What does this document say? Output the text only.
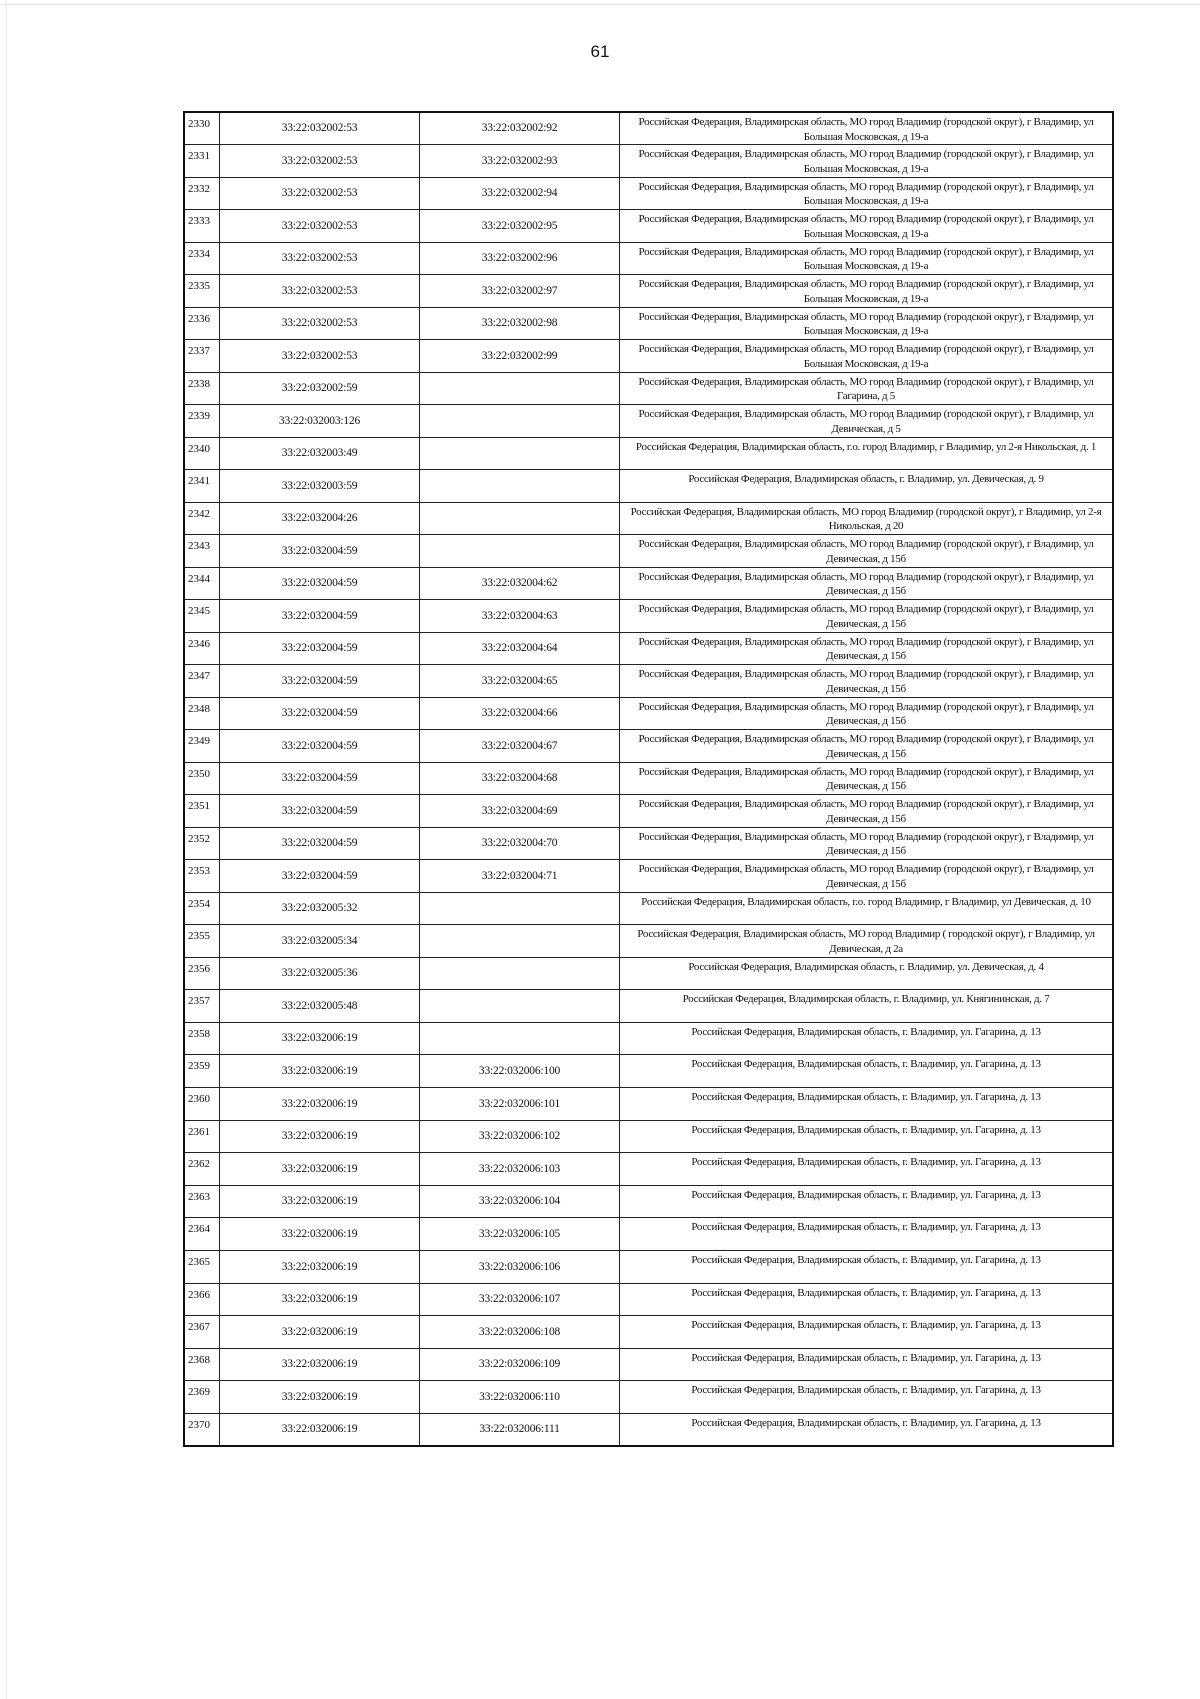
61
2330	33:22:032002:53	33:22:032002:92	Российская Федерация, Владимирская область, МО город Владимир (городской округ), г Владимир, ул Большая Московская, д 19-а
2331	33:22:032002:53	33:22:032002:93	Российская Федерация, Владимирская область, МО город Владимир (городской округ), г Владимир, ул Большая Московская, д 19-а
2332	33:22:032002:53	33:22:032002:94	Российская Федерация, Владимирская область, МО город Владимир (городской округ), г Владимир, ул Большая Московская, д 19-а
2333	33:22:032002:53	33:22:032002:95	Российская Федерация, Владимирская область, МО город Владимир (городской округ), г Владимир, ул Большая Московская, д 19-а
2334	33:22:032002:53	33:22:032002:96	Российская Федерация, Владимирская область, МО город Владимир (городской округ), г Владимир, ул Большая Московская, д 19-а
2335	33:22:032002:53	33:22:032002:97	Российская Федерация, Владимирская область, МО город Владимир (городской округ), г Владимир, ул Большая Московская, д 19-а
2336	33:22:032002:53	33:22:032002:98	Российская Федерация, Владимирская область, МО город Владимир (городской округ), г Владимир, ул Большая Московская, д 19-а
2337	33:22:032002:53	33:22:032002:99	Российская Федерация, Владимирская область, МО город Владимир (городской округ), г Владимир, ул Большая Московская, д 19-а
2338	33:22:032002:59		Российская Федерация, Владимирская область, МО город Владимир (городской округ), г Владимир, ул Гагарина, д 5
2339	33:22:032003:126		Российская Федерация, Владимирская область, МО город Владимир (городской округ), г Владимир, ул Девическая, д 5
2340	33:22:032003:49		Российская Федерация, Владимирская область, г.о. город Владимир, г Владимир, ул 2-я Никольская, д. 1
2341	33:22:032003:59		Российская Федерация, Владимирская область, г. Владимир, ул. Девическая, д. 9
2342	33:22:032004:26		Российская Федерация, Владимирская область, МО город Владимир (городской округ), г Владимир, ул 2-я Никольская, д 20
2343	33:22:032004:59		Российская Федерация, Владимирская область, МО город Владимир (городской округ), г Владимир, ул Девическая, д 15б
2344	33:22:032004:59	33:22:032004:62	Российская Федерация, Владимирская область, МО город Владимир (городской округ), г Владимир, ул Девическая, д 15б
2345	33:22:032004:59	33:22:032004:63	Российская Федерация, Владимирская область, МО город Владимир (городской округ), г Владимир, ул Девическая, д 15б
2346	33:22:032004:59	33:22:032004:64	Российская Федерация, Владимирская область, МО город Владимир (городской округ), г Владимир, ул Девическая, д 15б
2347	33:22:032004:59	33:22:032004:65	Российская Федерация, Владимирская область, МО город Владимир (городской округ), г Владимир, ул Девическая, д 15б
2348	33:22:032004:59	33:22:032004:66	Российская Федерация, Владимирская область, МО город Владимир (городской округ), г Владимир, ул Девическая, д 15б
2349	33:22:032004:59	33:22:032004:67	Российская Федерация, Владимирская область, МО город Владимир (городской округ), г Владимир, ул Девическая, д 15б
2350	33:22:032004:59	33:22:032004:68	Российская Федерация, Владимирская область, МО город Владимир (городской округ), г Владимир, ул Девическая, д 15б
2351	33:22:032004:59	33:22:032004:69	Российская Федерация, Владимирская область, МО город Владимир (городской округ), г Владимир, ул Девическая, д 15б
2352	33:22:032004:59	33:22:032004:70	Российская Федерация, Владимирская область, МО город Владимир (городской округ), г Владимир, ул Девическая, д 15б
2353	33:22:032004:59	33:22:032004:71	Российская Федерация, Владимирская область, МО город Владимир (городской округ), г Владимир, ул Девическая, д 15б
2354	33:22:032005:32		Российская Федерация, Владимирская область, г.о. город Владимир, г Владимир, ул Девическая, д. 10
2355	33:22:032005:34		Российская Федерация, Владимирская область, МО город Владимир ( городской округ), г Владимир, ул Девическая, д 2а
2356	33:22:032005:36		Российская Федерация, Владимирская область, г. Владимир, ул. Девическая, д. 4
2357	33:22:032005:48		Российская Федерация, Владимирская область, г. Владимир, ул. Княгининская, д. 7
2358	33:22:032006:19		Российская Федерация, Владимирская область, г. Владимир, ул. Гагарина, д. 13
2359	33:22:032006:19	33:22:032006:100	Российская Федерация, Владимирская область, г. Владимир, ул. Гагарина, д. 13
2360	33:22:032006:19	33:22:032006:101	Российская Федерация, Владимирская область, г. Владимир, ул. Гагарина, д. 13
2361	33:22:032006:19	33:22:032006:102	Российская Федерация, Владимирская область, г. Владимир, ул. Гагарина, д. 13
2362	33:22:032006:19	33:22:032006:103	Российская Федерация, Владимирская область, г. Владимир, ул. Гагарина, д. 13
2363	33:22:032006:19	33:22:032006:104	Российская Федерация, Владимирская область, г. Владимир, ул. Гагарина, д. 13
2364	33:22:032006:19	33:22:032006:105	Российская Федерация, Владимирская область, г. Владимир, ул. Гагарина, д. 13
2365	33:22:032006:19	33:22:032006:106	Российская Федерация, Владимирская область, г. Владимир, ул. Гагарина, д. 13
2366	33:22:032006:19	33:22:032006:107	Российская Федерация, Владимирская область, г. Владимир, ул. Гагарина, д. 13
2367	33:22:032006:19	33:22:032006:108	Российская Федерация, Владимирская область, г. Владимир, ул. Гагарина, д. 13
2368	33:22:032006:19	33:22:032006:109	Российская Федерация, Владимирская область, г. Владимир, ул. Гагарина, д. 13
2369	33:22:032006:19	33:22:032006:110	Российская Федерация, Владимирская область, г. Владимир, ул. Гагарина, д. 13
2370	33:22:032006:19	33:22:032006:111	Российская Федерация, Владимирская область, г. Владимир, ул. Гагарина, д. 13
